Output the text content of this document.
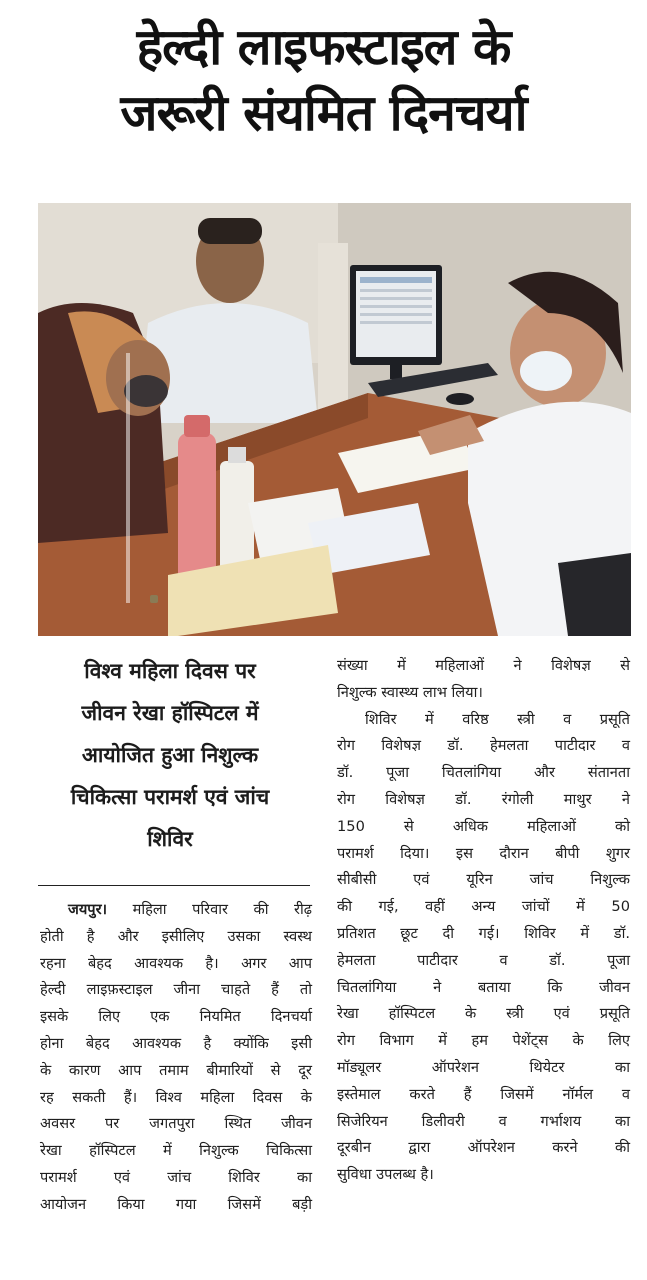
हेल्दी लाइफस्टाइल के
जरूरी संयमित दिनचर्या
विश्व महिला दिवस पर
जीवन रेखा हॉस्पिटल में
आयोजित हुआ निशुल्क
चिकित्सा परामर्श एवं जांच
शिविर
जयपुर। महिला परिवार की रीढ़
होती है और इसीलिए उसका स्वस्थ
रहना बेहद आवश्यक है। अगर आप
हेल्दी लाइफ़स्टाइल जीना चाहते हैं तो
इसके लिए एक नियमित दिनचर्या
होना बेहद आवश्यक है क्योंकि इसी
के कारण आप तमाम बीमारियों से दूर
रह सकती हैं। विश्व महिला दिवस के
अवसर पर जगतपुरा स्थित जीवन
रेखा हॉस्पिटल में निशुल्क चिकित्सा
परामर्श एवं जांच शिविर का
आयोजन किया गया जिसमें बड़ी
संख्या में महिलाओं ने विशेषज्ञ से
निशुल्क स्वास्थ्य लाभ लिया।
शिविर में वरिष्ठ स्त्री व प्रसूति
रोग विशेषज्ञ डॉ. हेमलता पाटीदार व
डॉ. पूजा चितलांगिया और संतानता
रोग विशेषज्ञ डॉ. रंगोली माथुर ने
150 से अधिक महिलाओं को
परामर्श दिया। इस दौरान बीपी शुगर
सीबीसी एवं यूरिन जांच निशुल्क
की गई, वहीं अन्य जांचों में 50
प्रतिशत छूट दी गई। शिविर में डॉ.
हेमलता पाटीदार व डॉ. पूजा
चितलांगिया ने बताया कि जीवन
रेखा हॉस्पिटल के स्त्री एवं प्रसूति
रोग विभाग में हम पेशेंट्स के लिए
मॉड्यूलर ऑपरेशन थियेटर का
इस्तेमाल करते हैं जिसमें नॉर्मल व
सिजेरियन डिलीवरी व गर्भाशय का
दूरबीन द्वारा ऑपरेशन करने की
सुविधा उपलब्ध है।
